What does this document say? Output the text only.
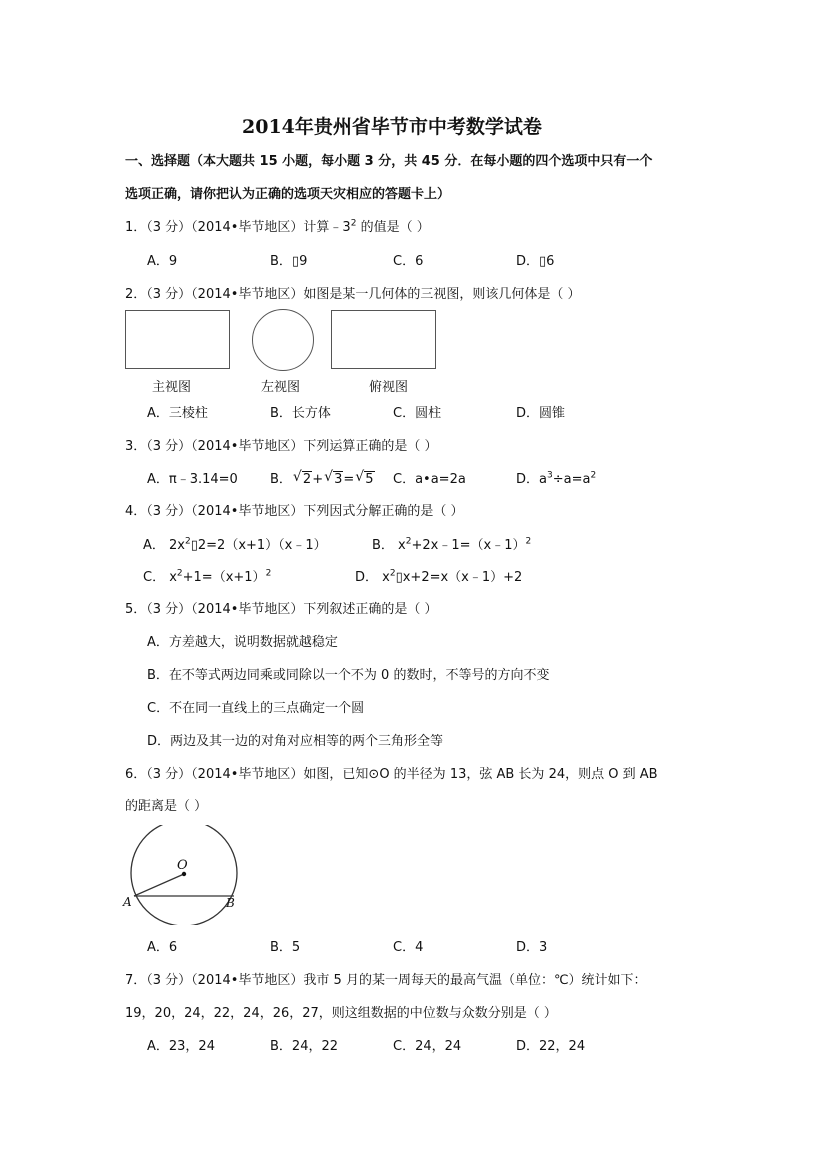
2014年贵州省毕节市中考数学试卷
一、选择题（本大题共 15 小题，每小题 3 分，共 45 分．在每小题的四个选项中只有一个
选项正确，请你把认为正确的选项天灾相应的答题卡上）
1．（3 分）（2014•毕节地区）计算$﹣3^2$ 的值是（ ）
A．9	B．▯9	C．6	D．▯6
2．（3 分）（2014•毕节地区）如图是某一几何体的三视图，则该几何体是（ ）
主视图	左视图	俯视图
A．三棱柱	B．长方体	C．圆柱	D．圆锥
3．（3 分）（2014•毕节地区）下列运算正确的是（ ）
A．π﹣3.14=0 B． √ 2+ √ 3= √ 5 C．a•a=2a	D．$a^3\div a=a^2$
4．（3 分）（2014•毕节地区）下列因式分解正确的是（ ）
A． $2x^2▯2=2(x+1)(x﹣1)$	B． $x^2+2x﹣1=(x﹣1)^2$
C． $x^2+1=(x+1)^2$	D． $x^2▯x+2=x(x﹣1)+2$
5．（3 分）（2014•毕节地区）下列叙述正确的是（ ）
A．方差越大，说明数据就越稳定
B．在不等式两边同乘或同除以一个不为 0 的数时，不等号的方向不变
C．不在同一直线上的三点确定一个圆
D．两边及其一边的对角对应相等的两个三角形全等
6．（3 分）（2014•毕节地区）如图，已知⊙O 的半径为 13，弦 AB 长为 24，则点 O 到 AB
的距离是（ ）
O
A	B
A．6	B．5	C．4	D．3
7．（3 分）（2014•毕节地区）我市 5 月的某一周每天的最高气温（单位：℃）统计如下：
19，20，24，22，24，26，27，则这组数据的中位数与众数分别是（ ）
A．23，24	B．24，22	C．24，24	D．22，24
